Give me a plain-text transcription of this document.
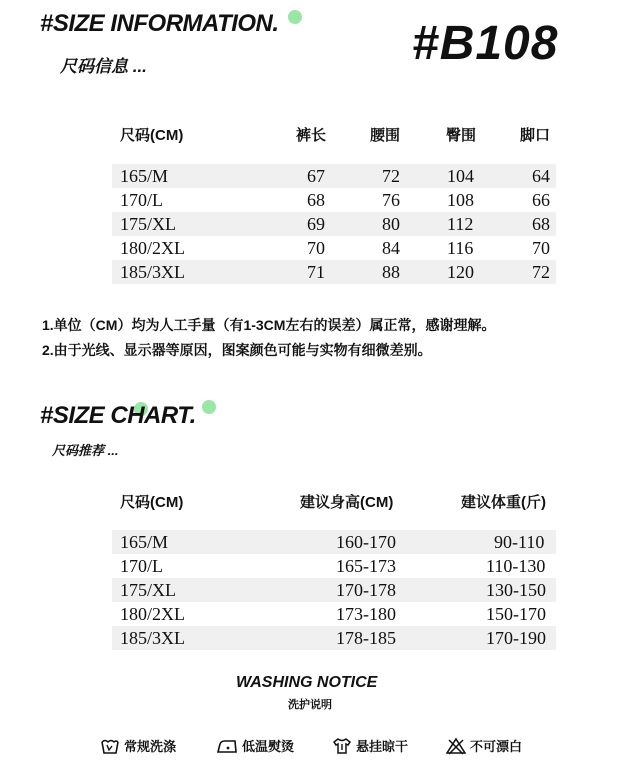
#SIZE INFORMATION.
尺码信息 ...	#B108
尺码(CM)	裤长	腰围	臀围	脚口
165/M	67	72	104	64
170/L	68	76	108	66
175/XL	69	80	112	68
180/2XL	70	84	116	70
185/3XL	71	88	120	72
1.单位（CM）均为人工手量（有1-3CM左右的误差）属正常，感谢理解。
2.由于光线、显示器等原因，图案颜色可能与实物有细微差别。
#SIZE CHART.
尺码推荐 ...
尺码(CM)	建议身高(CM)	建议体重(斤)
165/M	160-170	90-110
170/L	165-173	110-130
175/XL	170-178	130-150
180/2XL	173-180	150-170
185/3XL	178-185	170-190
WASHING NOTICE
洗护说明
常规洗涤	低温熨烫	悬挂晾干	不可漂白
